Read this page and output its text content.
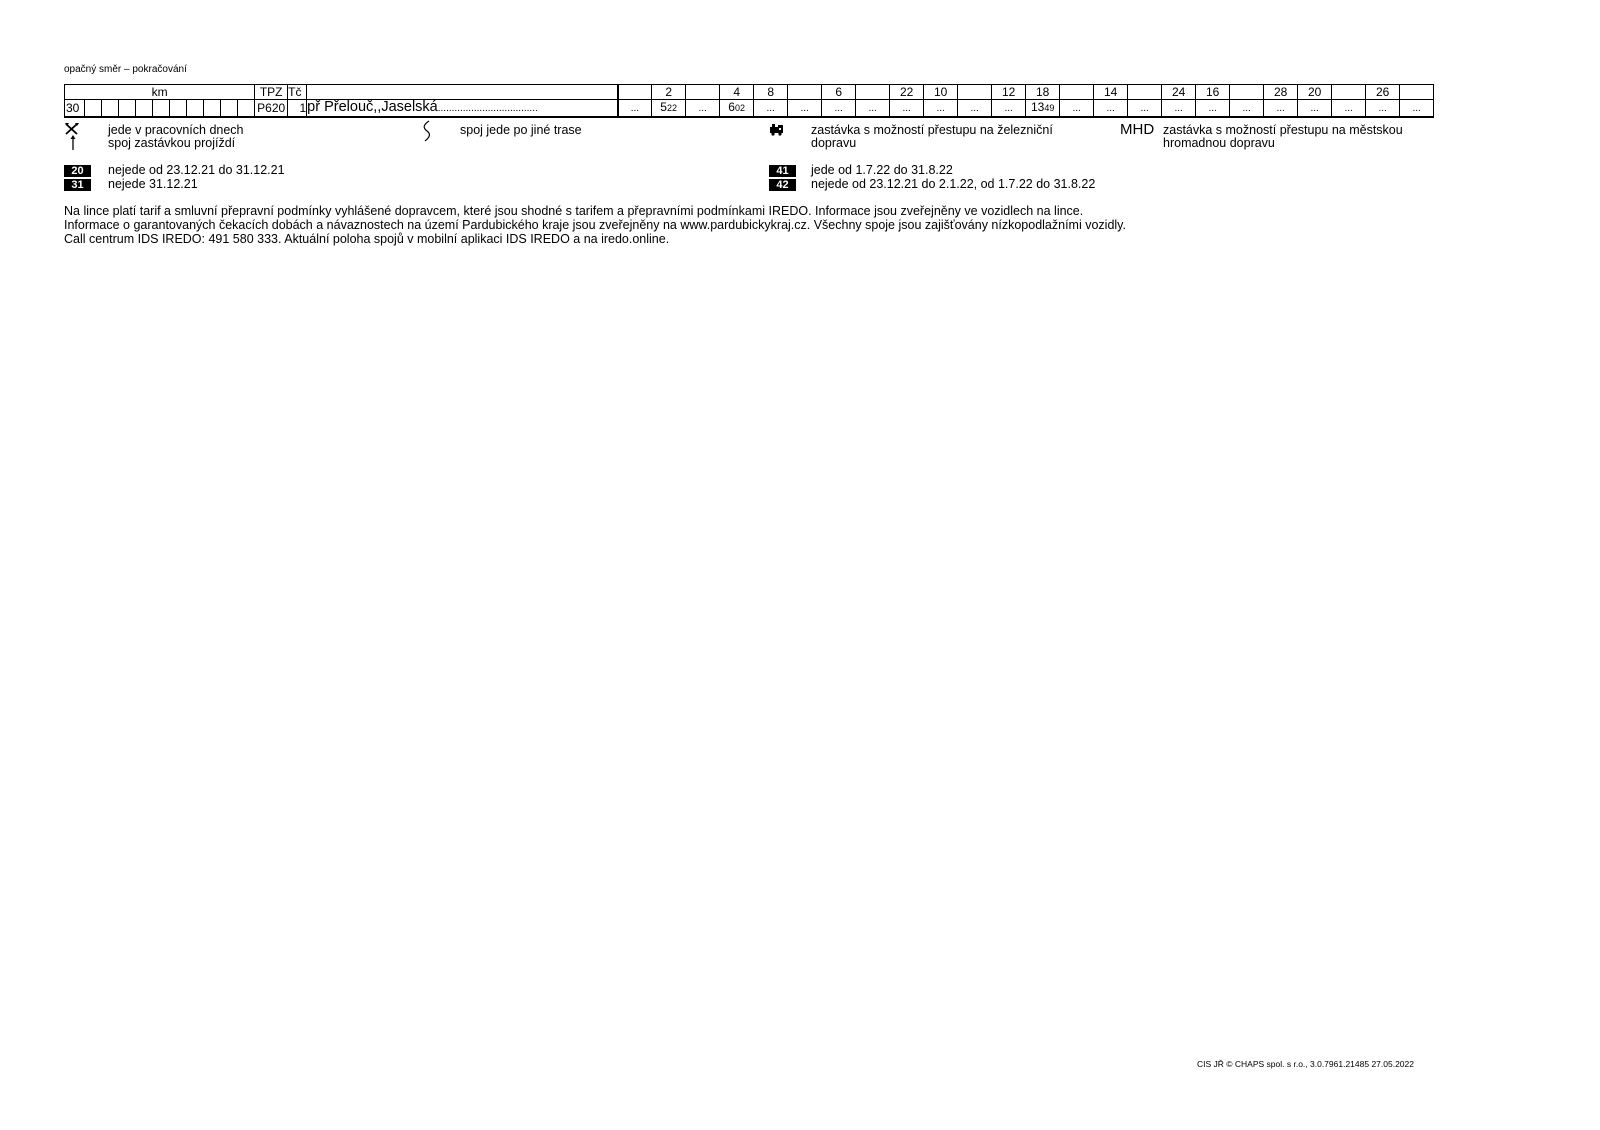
opačný směr – pokračování
km											TPZ	Tč			2		4	8		6		22	10		12	18		14		24	16		28	20		26	
30											P620	1	př Přelouč,,Jaselská....................................	...	522	...	602	...	...	...	...	...	...	...	...	1349	...	...	...	...	...	...	...	...	...	...	...
jede v pracovních dnech
spoj zastávkou projíždí
spoj jede po jiné trase	zastávka s možností přestupu na železniční
dopravu
MHD zastávka s možností přestupu na městskou
hromadnou dopravu
20	nejede od 23.12.21 do 31.12.21
31	nejede 31.12.21
41	jede od 1.7.22 do 31.8.22
42	nejede od 23.12.21 do 2.1.22, od 1.7.22 do 31.8.22
Na lince platí tarif a smluvní přepravní podmínky vyhlášené dopravcem, které jsou shodné s tarifem a přepravními podmínkami IREDO. Informace jsou zveřejněny ve vozidlech na lince.
Informace o garantovaných čekacích dobách a návaznostech na území Pardubického kraje jsou zveřejněny na www.pardubickykraj.cz. Všechny spoje jsou zajišťovány nízkopodlažními vozidly.
Call centrum IDS IREDO: 491 580 333. Aktuální poloha spojů v mobilní aplikaci IDS IREDO a na iredo.online.
CIS JŘ © CHAPS spol. s r.o., 3.0.7961.21485 27.05.2022
